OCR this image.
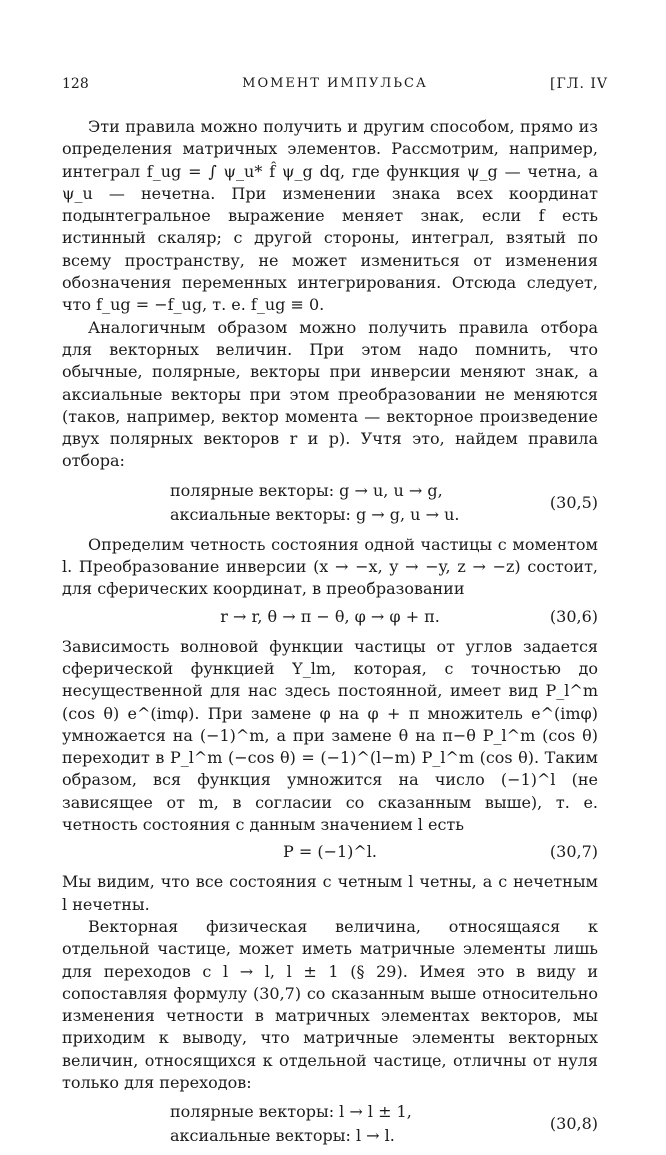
128	МОМЕНТ ИМПУЛЬСА	[ГЛ. IV

Эти правила можно получить и другим способом, прямо из определения матричных элементов. Рассмотрим, например, интеграл f_ug = ∫ ψ_u* f̂ ψ_g dq, где функция ψ_g — четна, а ψ_u — нечетна. При изменении знака всех координат подынтегральное выражение меняет знак, если f есть истинный скаляр; с другой стороны, интеграл, взятый по всему пространству, не может измениться от изменения обозначения переменных интегрирования. Отсюда следует, что f_ug = −f_ug, т. е. f_ug ≡ 0.

Аналогичным образом можно получить правила отбора для векторных величин. При этом надо помнить, что обычные, полярные, векторы при инверсии меняют знак, а аксиальные векторы при этом преобразовании не меняются (таков, например, вектор момента — векторное произведение двух полярных векторов r и p). Учтя это, найдем правила отбора:

полярные векторы: g → u, u → g,
аксиальные векторы: g → g, u → u.
(30,5)

Определим четность состояния одной частицы с моментом l. Преобразование инверсии (x → −x, y → −y, z → −z) состоит, для сферических координат, в преобразовании

r → r, θ → π − θ, φ → φ + π.	(30,6)

Зависимость волновой функции частицы от углов задается сферической функцией Y_lm, которая, с точностью до несущественной для нас здесь постоянной, имеет вид P_l^m (cos θ) e^(imφ). При замене φ на φ + π множитель e^(imφ) умножается на (−1)^m, а при замене θ на π−θ P_l^m (cos θ) переходит в P_l^m (−cos θ) = (−1)^(l−m) P_l^m (cos θ). Таким образом, вся функция умножится на число (−1)^l (не зависящее от m, в согласии со сказанным выше), т. е. четность состояния с данным значением l есть

P = (−1)^l.	(30,7)

Мы видим, что все состояния с четным l четны, а с нечетным l нечетны.

Векторная физическая величина, относящаяся к отдельной частице, может иметь матричные элементы лишь для переходов с l → l, l ± 1 (§ 29). Имея это в виду и сопоставляя формулу (30,7) со сказанным выше относительно изменения четности в матричных элементах векторов, мы приходим к выводу, что матричные элементы векторных величин, относящихся к отдельной частице, отличны от нуля только для переходов:

полярные векторы: l → l ± 1,
аксиальные векторы: l → l.
(30,8)
